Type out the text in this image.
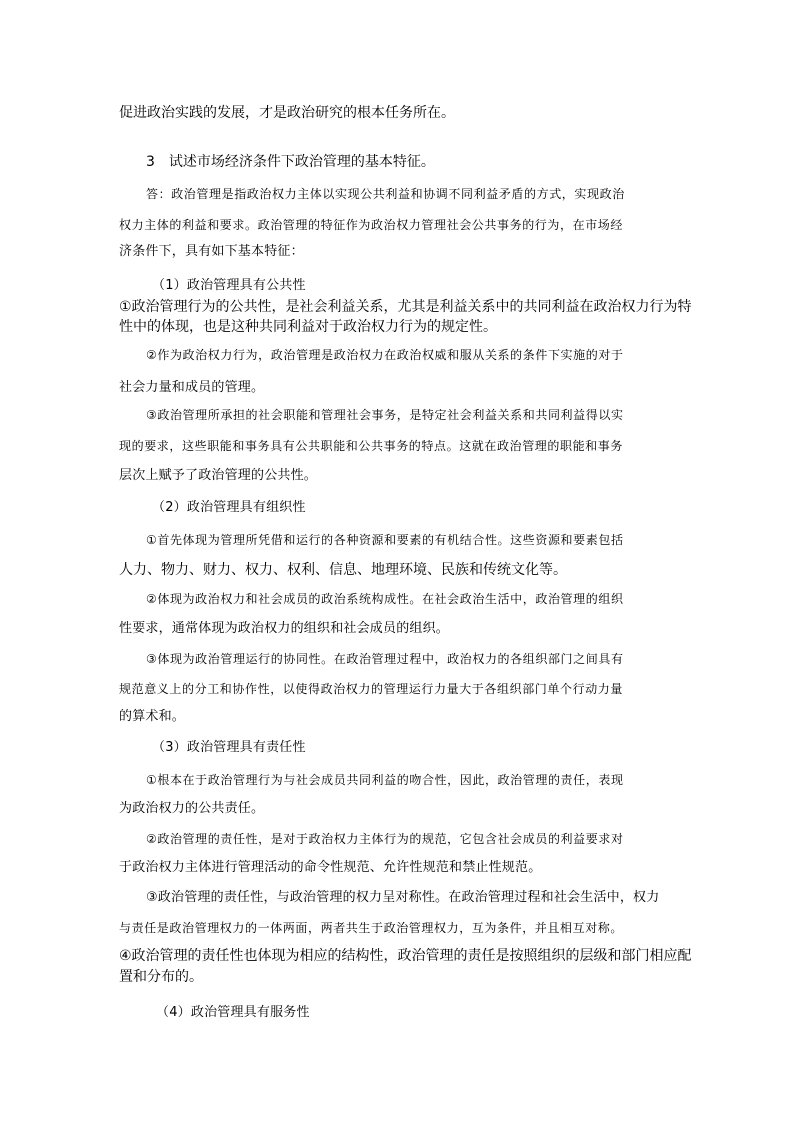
促进政治实践的发展，才是政治研究的根本任务所在。

3　试述市场经济条件下政治管理的基本特征。

答：政治管理是指政治权力主体以实现公共利益和协调不同利益矛盾的方式，实现政治

权力主体的利益和要求。政治管理的特征作为政治权力管理社会公共事务的行为，在市场经

济条件下，具有如下基本特征：

（1）政治管理具有公共性

①政治管理行为的公共性，是社会利益关系，尤其是利益关系中的共同利益在政治权力行为特

性中的体现，也是这种共同利益对于政治权力行为的规定性。

②作为政治权力行为，政治管理是政治权力在政治权威和服从关系的条件下实施的对于

社会力量和成员的管理。

③政治管理所承担的社会职能和管理社会事务，是特定社会利益关系和共同利益得以实

现的要求，这些职能和事务具有公共职能和公共事务的特点。这就在政治管理的职能和事务

层次上赋予了政治管理的公共性。

（2）政治管理具有组织性

①首先体现为管理所凭借和运行的各种资源和要素的有机结合性。这些资源和要素包括

人力、物力、财力、权力、权利、信息、地理环境、民族和传统文化等。

②体现为政治权力和社会成员的政治系统构成性。在社会政治生活中，政治管理的组织

性要求，通常体现为政治权力的组织和社会成员的组织。

③体现为政治管理运行的协同性。在政治管理过程中，政治权力的各组织部门之间具有

规范意义上的分工和协作性，以使得政治权力的管理运行力量大于各组织部门单个行动力量

的算术和。

（3）政治管理具有责任性

①根本在于政治管理行为与社会成员共同利益的吻合性，因此，政治管理的责任，表现

为政治权力的公共责任。

②政治管理的责任性，是对于政治权力主体行为的规范，它包含社会成员的利益要求对

于政治权力主体进行管理活动的命令性规范、允许性规范和禁止性规范。

③政治管理的责任性，与政治管理的权力呈对称性。在政治管理过程和社会生活中，权力

与责任是政治管理权力的一体两面，两者共生于政治管理权力，互为条件，并且相互对称。

④政治管理的责任性也体现为相应的结构性，政治管理的责任是按照组织的层级和部门相应配

置和分布的。

（4）政治管理具有服务性
